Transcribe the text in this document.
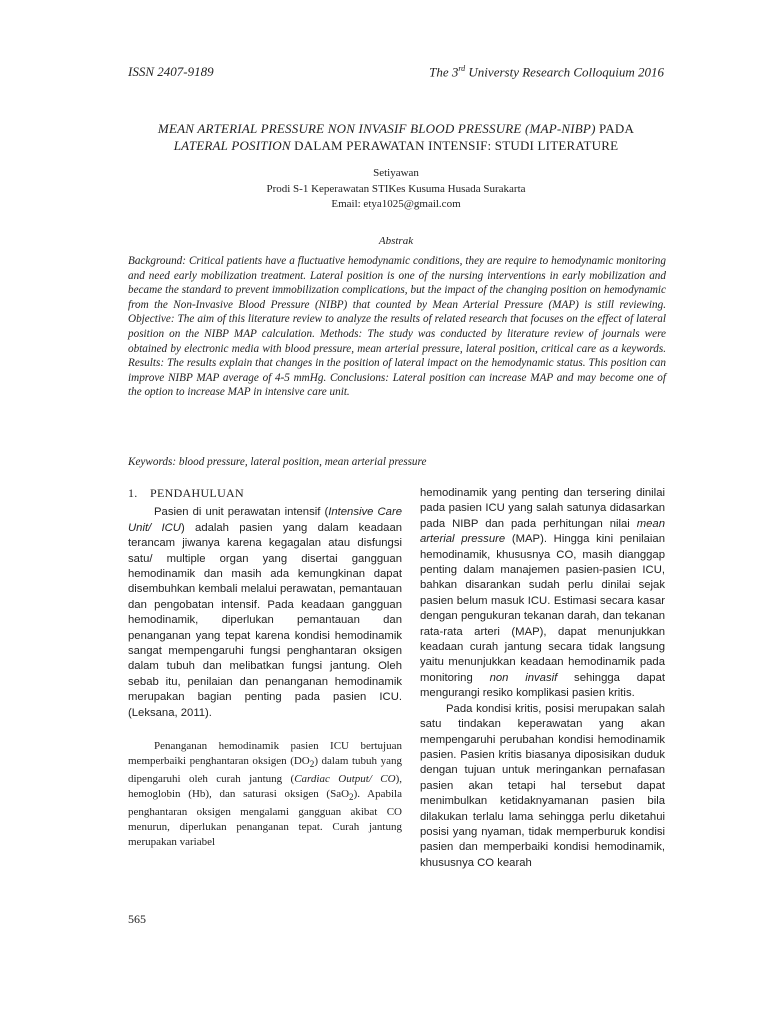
ISSN 2407-9189	The 3rd Universty Research Colloquium 2016
MEAN ARTERIAL PRESSURE NON INVASIF BLOOD PRESSURE (MAP-NIBP) PADA
LATERAL POSITION DALAM PERAWATAN INTENSIF: STUDI LITERATURE
Setiyawan
Prodi S-1 Keperawatan STIKes Kusuma Husada Surakarta
Email: etya1025@gmail.com
Abstrak
Background: Critical patients have a fluctuative hemodynamic conditions, they are require to hemodynamic monitoring and need early mobilization treatment. Lateral position is one of the nursing interventions in early mobilization and became the standard to prevent immobilization complications, but the impact of the changing position on hemodynamic from the Non-Invasive Blood Pressure (NIBP) that counted by Mean Arterial Pressure (MAP) is still reviewing. Objective: The aim of this literature review to analyze the results of related research that focuses on the effect of lateral position on the NIBP MAP calculation. Methods: The study was conducted by literature review of journals were obtained by electronic media with blood pressure, mean arterial pressure, lateral position, critical care as a keywords. Results: The results explain that changes in the position of lateral impact on the hemodynamic status. This position can improve NIBP MAP average of 4-5 mmHg. Conclusions: Lateral position can increase MAP and may become one of the option to increase MAP in intensive care unit.
Keywords: blood pressure, lateral position, mean arterial pressure
1. PENDAHULUAN

Pasien di unit perawatan intensif (Intensive Care Unit/ ICU) adalah pasien yang dalam keadaan terancam jiwanya karena kegagalan atau disfungsi satu/ multiple organ yang disertai gangguan hemodinamik dan masih ada kemungkinan dapat disembuhkan kembali melalui perawatan, pemantauan dan pengobatan intensif. Pada keadaan gangguan hemodinamik, diperlukan pemantauan dan penanganan yang tepat karena kondisi hemodinamik sangat mempengaruhi fungsi penghantaran oksigen dalam tubuh dan melibatkan fungsi jantung. Oleh sebab itu, penilaian dan penanganan hemodinamik merupakan bagian penting pada pasien ICU. (Leksana, 2011).

Penanganan hemodinamik pasien ICU bertujuan memperbaiki penghantaran oksigen $(DO_2)$ dalam tubuh yang dipengaruhi oleh curah jantung (Cardiac Output/ CO), hemoglobin (Hb), dan saturasi oksigen (SaO$_2$). Apabila penghantaran oksigen mengalami gangguan akibat CO menurun, diperlukan penanganan tepat. Curah jantung merupakan variabel

hemodinamik yang penting dan tersering dinilai pada pasien ICU yang salah satunya didasarkan pada NIBP dan pada perhitungan nilai mean arterial pressure (MAP). Hingga kini penilaian hemodinamik, khususnya CO, masih dianggap penting dalam manajemen pasien-pasien ICU, bahkan disarankan sudah perlu dinilai sejak pasien belum masuk ICU. Estimasi secara kasar dengan pengukuran tekanan darah, dan tekanan rata-rata arteri (MAP), dapat menunjukkan keadaan curah jantung secara tidak langsung yaitu menunjukkan keadaan hemodinamik pada monitoring non invasif sehingga dapat mengurangi resiko komplikasi pasien kritis.

Pada kondisi kritis, posisi merupakan salah satu tindakan keperawatan yang akan mempengaruhi perubahan kondisi hemodinamik pasien. Pasien kritis biasanya diposisikan duduk dengan tujuan untuk meringankan pernafasan pasien akan tetapi hal tersebut dapat menimbulkan ketidaknyamanan pasien bila dilakukan terlalu lama sehingga perlu diketahui posisi yang nyaman, tidak memperburuk kondisi pasien dan memperbaiki kondisi hemodinamik, khususnya CO kearah

565
